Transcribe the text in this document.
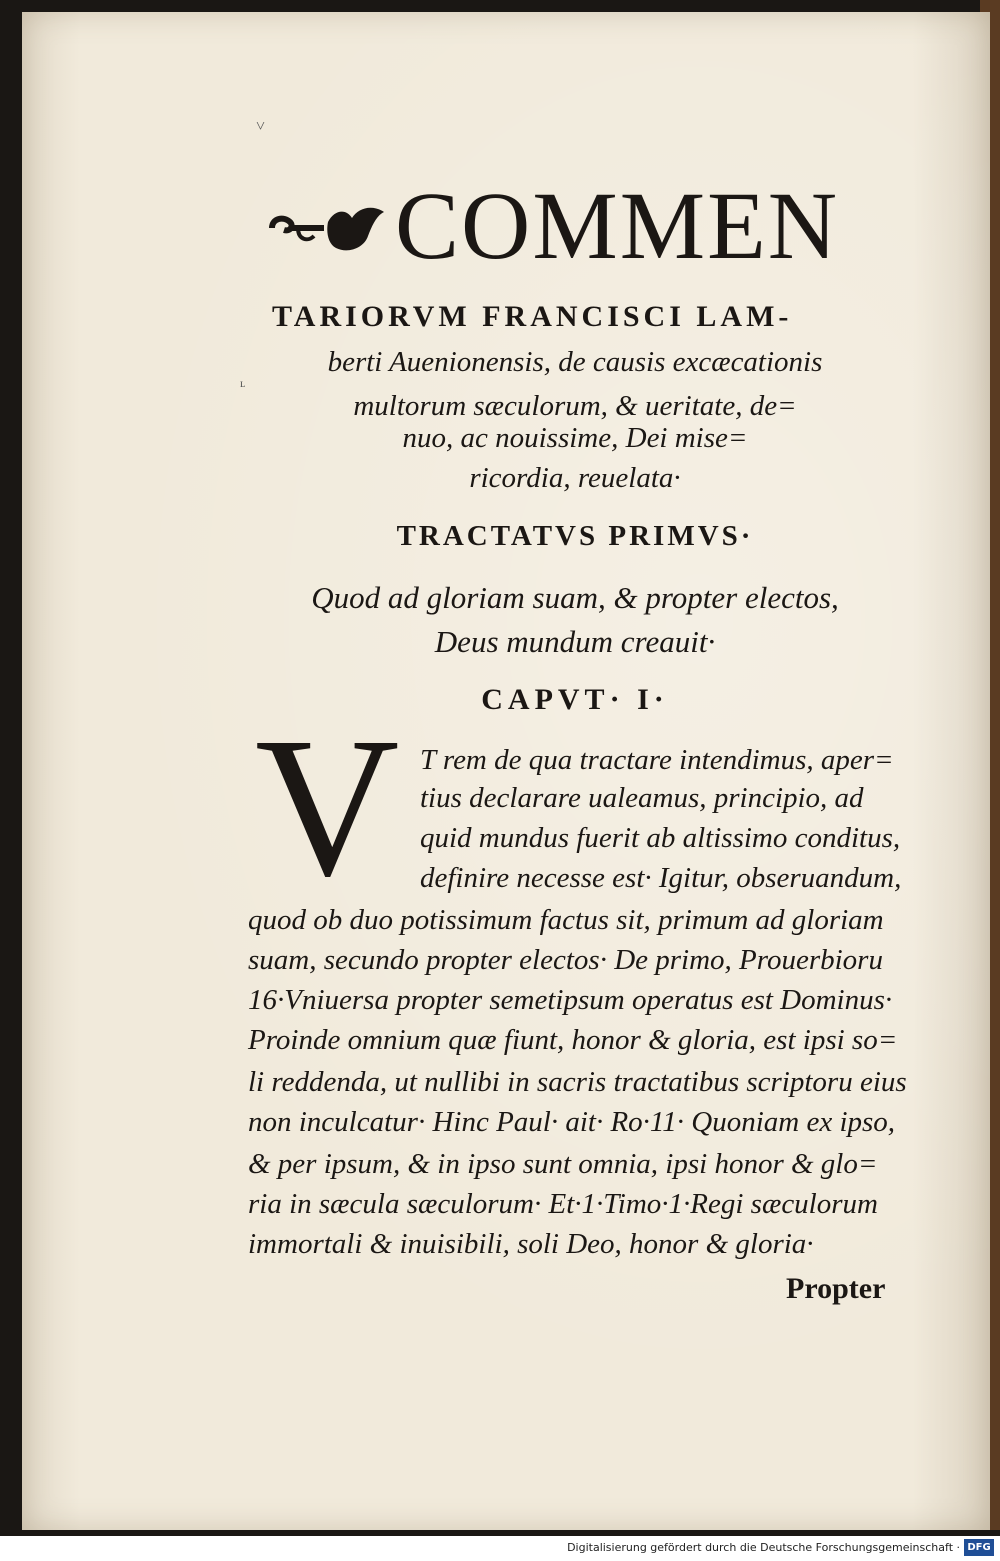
˅
ʟ
COMMEN
TARIORVM FRANCISCI LAM-
berti Auenionensis, de causis excæcationis
multorum sæculorum, & ueritate, de=
nuo, ac nouissime, Dei mise=
ricordia, reuelata·
TRACTATVS PRIMVS·
Quod ad gloriam suam, & propter electos,
Deus mundum creauit·
CAPVT· I·
V T rem de qua tractare intendimus, aper=
tius declarare ualeamus, principio, ad
quid mundus fuerit ab altissimo conditus,
definire necesse est· Igitur, obseruandum,
quod ob duo potissimum factus sit, primum ad gloriam
suam, secundo propter electos· De primo, Prouerbioru
16·Vniuersa propter semetipsum operatus est Dominus·
Proinde omnium quæ fiunt, honor & gloria, est ipsi so=
li reddenda, ut nullibi in sacris tractatibus scriptoru eius
non inculcatur· Hinc Paul· ait· Ro·11· Quoniam ex ipso,
& per ipsum, & in ipso sunt omnia, ipsi honor & glo=
ria in sæcula sæculorum· Et·1·Timo·1·Regi sæculorum
immortali & inuisibili, soli Deo, honor & gloria·
Propter
Digitalisierung gefördert durch die Deutsche Forschungsgemeinschaft · DFG
